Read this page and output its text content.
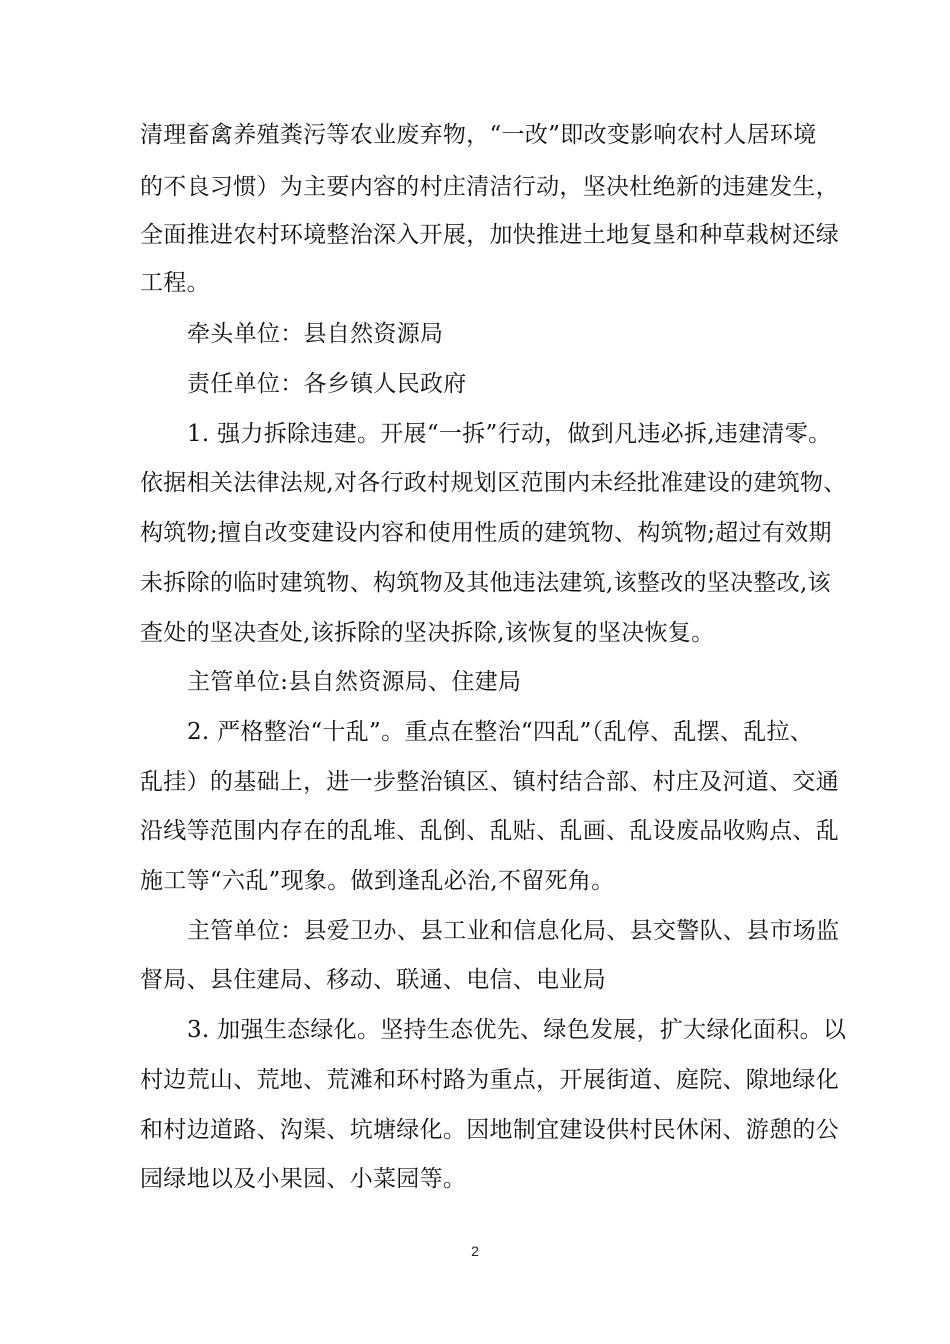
清理畜禽养殖粪污等农业废弃物，“一改”即改变影响农村人居环境
的不良习惯）为主要内容的村庄清洁行动，坚决杜绝新的违建发生，
全面推进农村环境整治深入开展，加快推进土地复垦和种草栽树还绿
工程。
牵头单位：县自然资源局
责任单位：各乡镇人民政府
1. 强力拆除违建。开展“一拆”行动，做到凡违必拆,违建清零。
依据相关法律法规,对各行政村规划区范围内未经批准建设的建筑物、
构筑物;擅自改变建设内容和使用性质的建筑物、构筑物;超过有效期
未拆除的临时建筑物、构筑物及其他违法建筑,该整改的坚决整改,该
查处的坚决查处,该拆除的坚决拆除,该恢复的坚决恢复。
主管单位:县自然资源局、住建局
2. 严格整治“十乱”。重点在整治“四乱”（乱停、乱摆、乱拉、
乱挂）的基础上，进一步整治镇区、镇村结合部、村庄及河道、交通
沿线等范围内存在的乱堆、乱倒、乱贴、乱画、乱设废品收购点、乱
施工等“六乱”现象。做到逢乱必治,不留死角。
主管单位：县爱卫办、县工业和信息化局、县交警队、县市场监
督局、县住建局、移动、联通、电信、电业局
3. 加强生态绿化。坚持生态优先、绿色发展，扩大绿化面积。以
村边荒山、荒地、荒滩和环村路为重点，开展街道、庭院、隙地绿化
和村边道路、沟渠、坑塘绿化。因地制宜建设供村民休闲、游憩的公
园绿地以及小果园、小菜园等。
2
